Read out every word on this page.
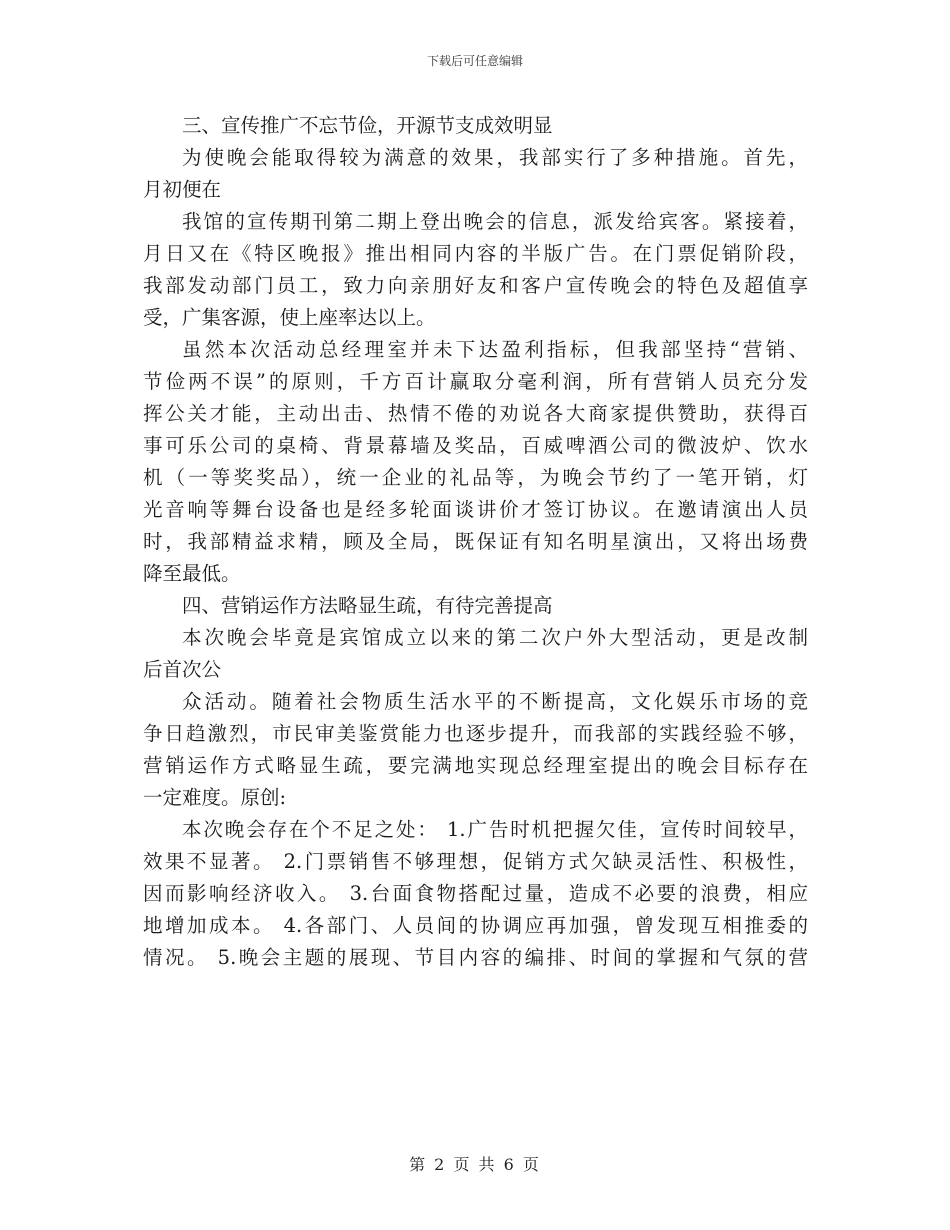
下载后可任意编辑
三、宣传推广不忘节俭，开源节支成效明显
为使晚会能取得较为满意的效果，我部实行了多种措施。首先，
月初便在
我馆的宣传期刊第二期上登出晚会的信息，派发给宾客。紧接着，
月日又在《特区晚报》推出相同内容的半版广告。在门票促销阶段，
我部发动部门员工，致力向亲朋好友和客户宣传晚会的特色及超值享
受，广集客源，使上座率达以上。
虽然本次活动总经理室并未下达盈利指标，但我部坚持“营销、
节俭两不误”的原则，千方百计赢取分毫利润，所有营销人员充分发
挥公关才能，主动出击、热情不倦的劝说各大商家提供赞助，获得百
事可乐公司的桌椅、背景幕墙及奖品，百威啤酒公司的微波炉、饮水
机（一等奖奖品），统一企业的礼品等，为晚会节约了一笔开销，灯
光音响等舞台设备也是经多轮面谈讲价才签订协议。在邀请演出人员
时，我部精益求精，顾及全局，既保证有知名明星演出，又将出场费
降至最低。
四、营销运作方法略显生疏，有待完善提高
本次晚会毕竟是宾馆成立以来的第二次户外大型活动，更是改制
后首次公
众活动。随着社会物质生活水平的不断提高，文化娱乐市场的竞
争日趋激烈，市民审美鉴赏能力也逐步提升，而我部的实践经验不够，
营销运作方式略显生疏，要完满地实现总经理室提出的晚会目标存在
一定难度。原创:
本次晚会存在个不足之处： 1.广告时机把握欠佳，宣传时间较早，
效果不显著。 2.门票销售不够理想，促销方式欠缺灵活性、积极性，
因而影响经济收入。 3.台面食物搭配过量，造成不必要的浪费，相应
地增加成本。 4.各部门、人员间的协调应再加强，曾发现互相推委的
情况。 5.晚会主题的展现、节目内容的编排、时间的掌握和气氛的营
第 2 页 共 6 页
